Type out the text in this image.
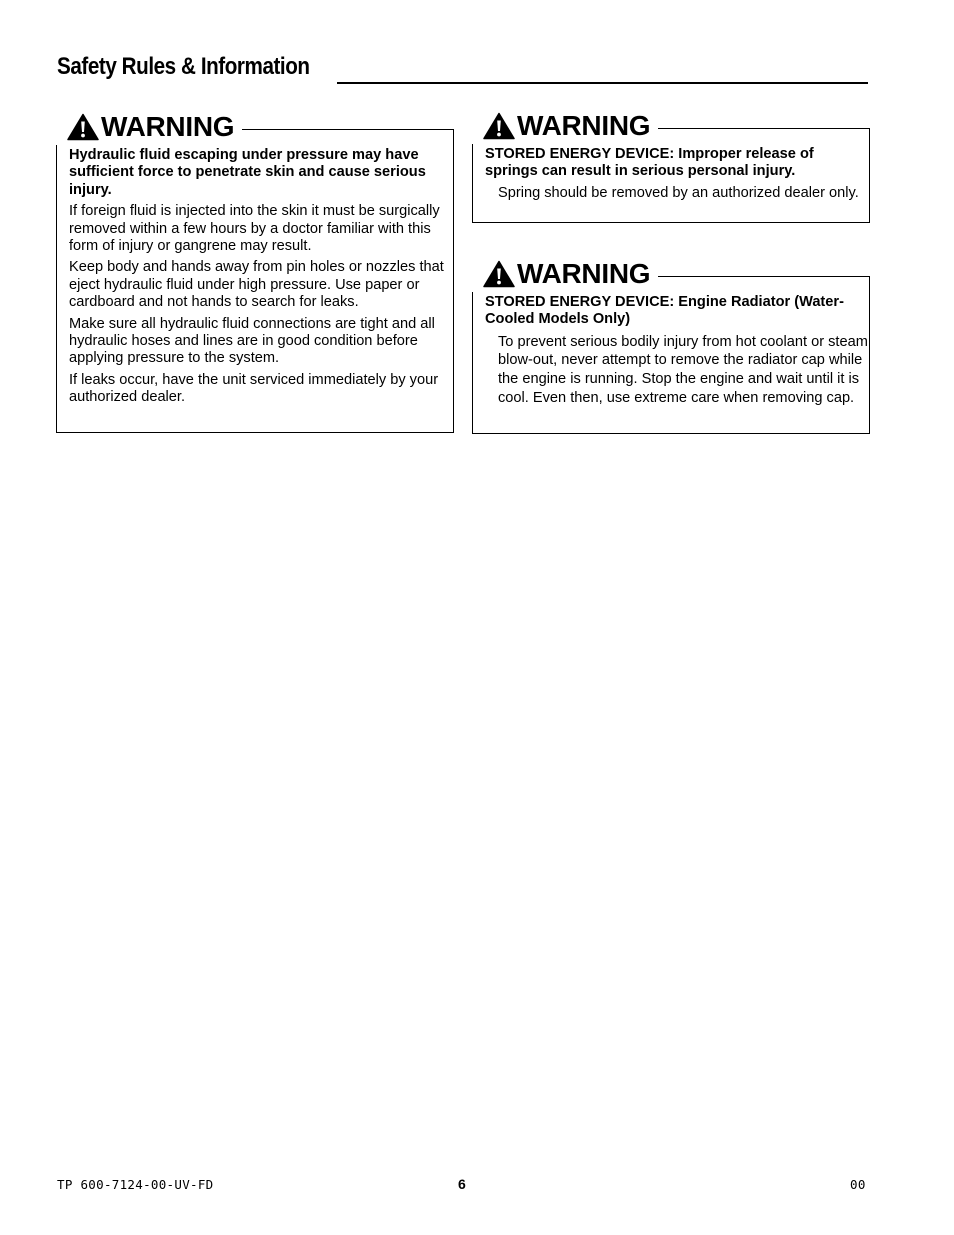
Safety Rules & Information
WARNING

Hydraulic fluid escaping under pressure may have sufficient force to penetrate skin and cause serious injury.

If foreign fluid is injected into the skin it must be surgically removed within a few hours by a doctor familiar with this form of injury or gangrene may result.

Keep body and hands away from pin holes or nozzles that eject hydraulic fluid under high pressure. Use paper or cardboard and not hands to search for leaks.

Make sure all hydraulic fluid connections are tight and all hydraulic hoses and lines are in good condition before applying pressure to the system.

If leaks occur, have the unit serviced immediately by your authorized dealer.

WARNING

STORED ENERGY DEVICE: Improper release of springs can result in serious personal injury.

Spring should be removed by an authorized dealer only.

WARNING

STORED ENERGY DEVICE: Engine Radiator (Water-Cooled Models Only)

To prevent serious bodily injury from hot coolant or steam blow-out, never attempt to remove the radiator cap while the engine is running. Stop the engine and wait until it is cool. Even then, use extreme care when removing cap.

TP 600-7124-00-UV-FD	6	00
